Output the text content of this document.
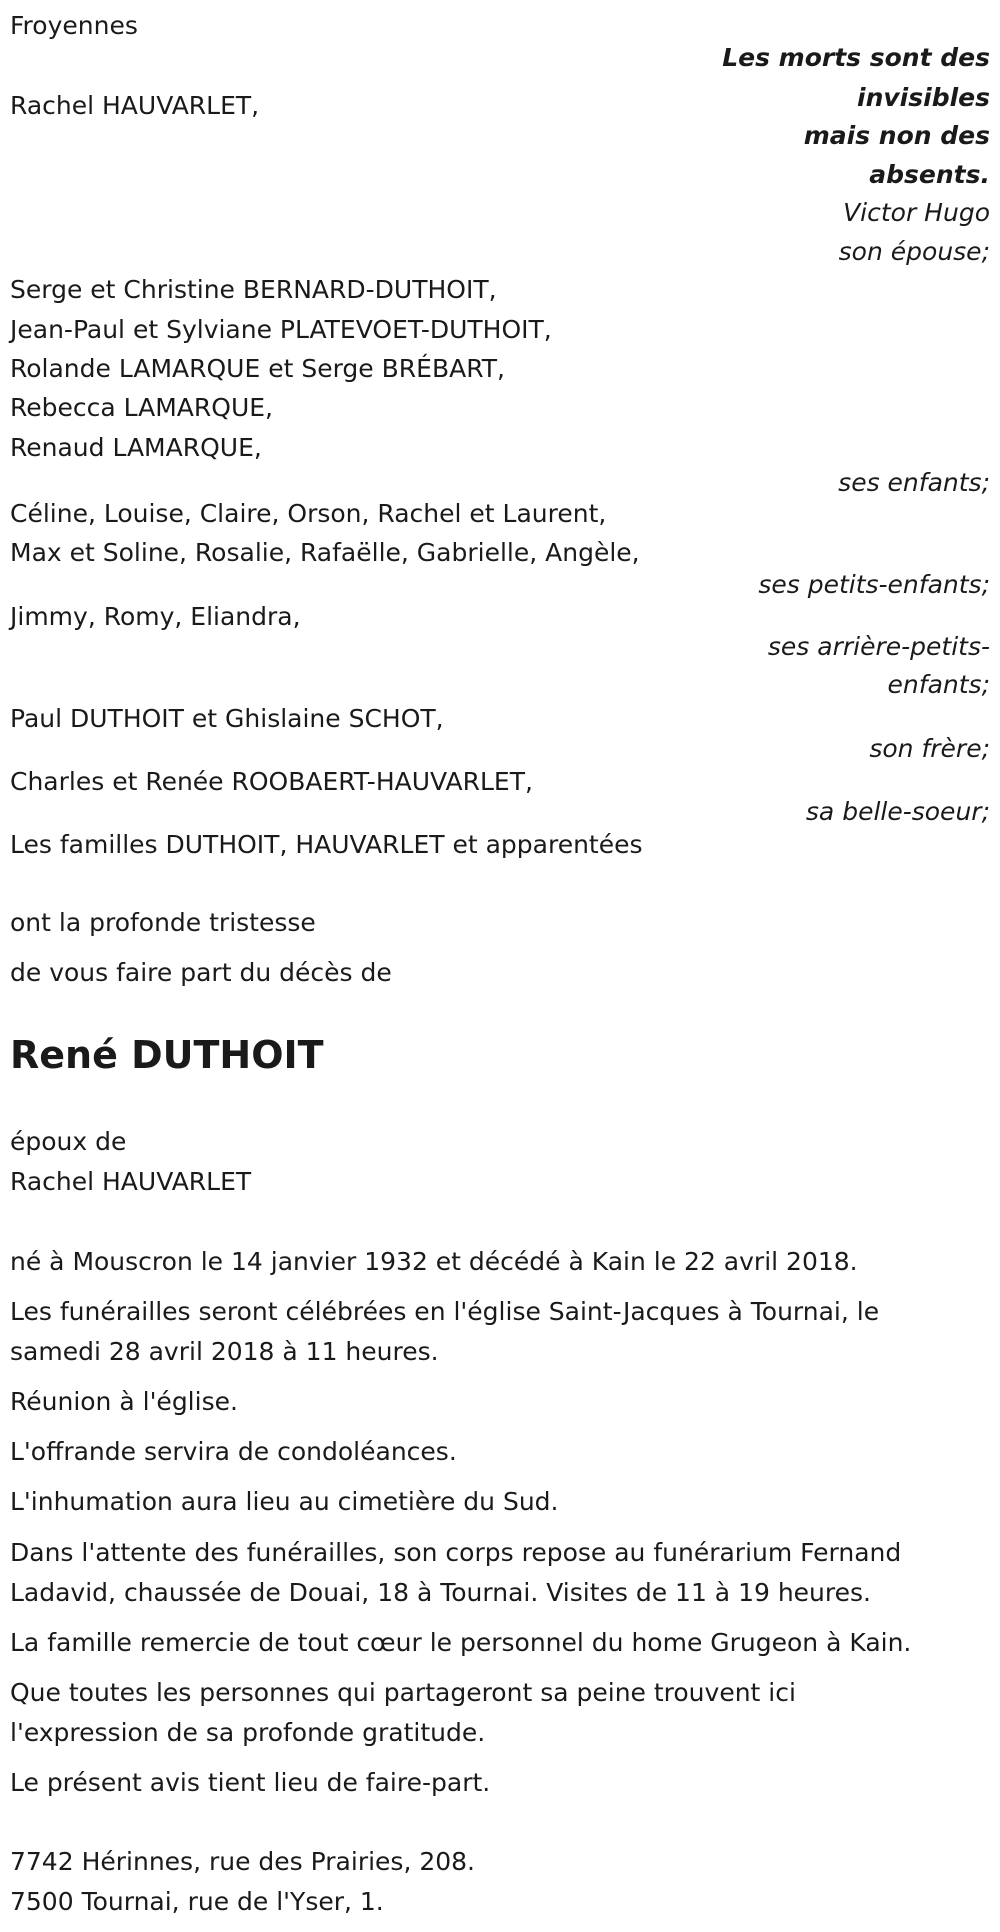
Froyennes
Rachel HAUVARLET,
Les morts sont des
invisibles
mais non des
absents.
Victor Hugo
son épouse;
Serge et Christine BERNARD-DUTHOIT,
Jean-Paul et Sylviane PLATEVOET-DUTHOIT,
Rolande LAMARQUE et Serge BRÉBART,
Rebecca LAMARQUE,
Renaud LAMARQUE,
ses enfants;
Céline, Louise, Claire, Orson, Rachel et Laurent,
Max et Soline, Rosalie, Rafaëlle, Gabrielle, Angèle,
ses petits-enfants;
Jimmy, Romy, Eliandra,
ses arrière-petits-
enfants;
Paul DUTHOIT et Ghislaine SCHOT,
son frère;
Charles et Renée ROOBAERT-HAUVARLET,
sa belle-soeur;
Les familles DUTHOIT, HAUVARLET et apparentées
ont la profonde tristesse
de vous faire part du décès de
René DUTHOIT
époux de
Rachel HAUVARLET
né à Mouscron le 14 janvier 1932 et décédé à Kain le 22 avril 2018.
Les funérailles seront célébrées en l'église Saint-Jacques à Tournai, le
samedi 28 avril 2018 à 11 heures.
Réunion à l'église.
L'offrande servira de condoléances.
L'inhumation aura lieu au cimetière du Sud.
Dans l'attente des funérailles, son corps repose au funérarium Fernand
Ladavid, chaussée de Douai, 18 à Tournai. Visites de 11 à 19 heures.
La famille remercie de tout cœur le personnel du home Grugeon à Kain.
Que toutes les personnes qui partageront sa peine trouvent ici
l'expression de sa profonde gratitude.
Le présent avis tient lieu de faire-part.
7742 Hérinnes, rue des Prairies, 208.
7500 Tournai, rue de l'Yser, 1.
